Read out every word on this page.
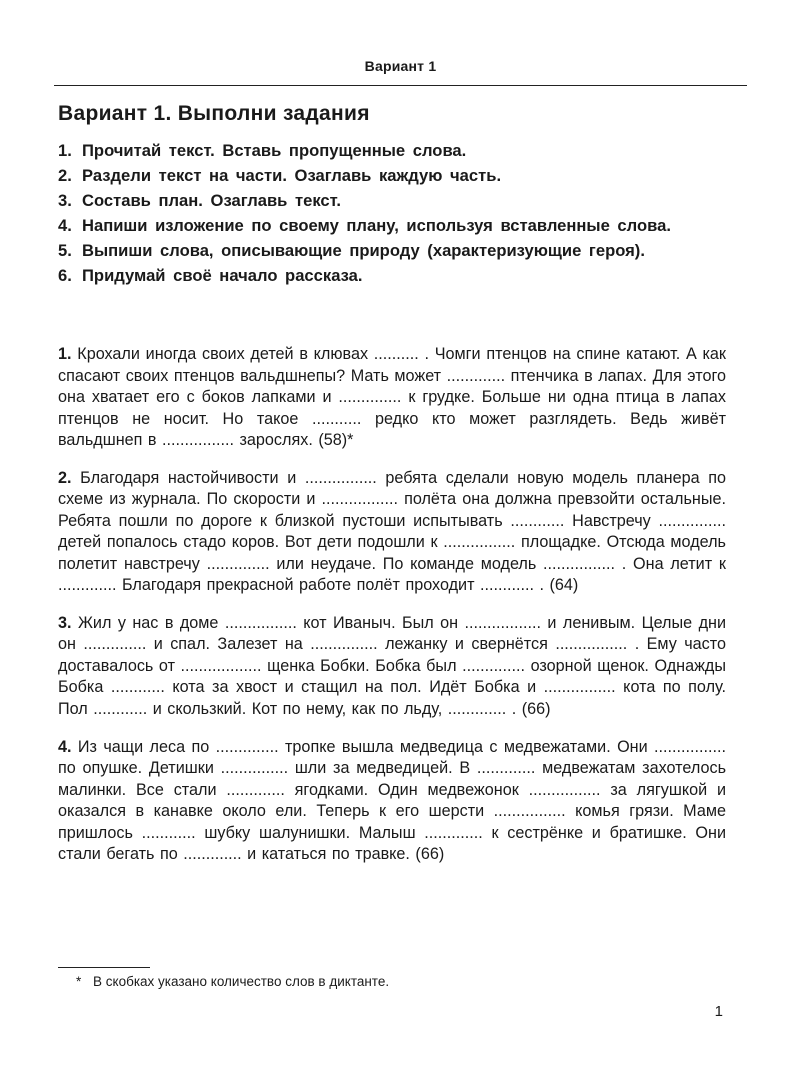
Вариант 1
Вариант 1. Выполни задания
1. Прочитай текст. Вставь пропущенные слова.
2. Раздели текст на части. Озаглавь каждую часть.
3. Составь план. Озаглавь текст.
4. Напиши изложение по своему плану, используя вставленные слова.
5. Выпиши слова, описывающие природу (характеризующие героя).
6. Придумай своё начало рассказа.

1. Крохали иногда своих детей в клювах .......... . Чомги птенцов на спине катают. А как спасают своих птенцов вальдшнепы? Мать может ............. птенчика в лапах. Для этого она хватает его с боков лапками и .............. к грудке. Больше ни одна птица в лапах птенцов не носит. Но такое ........... редко кто может разглядеть. Ведь живёт вальдшнеп в ................ зарослях. (58)*

2. Благодаря настойчивости и ................ ребята сделали новую модель планера по схеме из журнала. По скорости и ................. полёта она должна превзойти остальные. Ребята пошли по дороге к близкой пустоши испытывать ............ Навстречу ............... детей попалось стадо коров. Вот дети подошли к ................ площадке. Отсюда модель полетит навстречу .............. или неудаче. По команде модель ................ . Она летит к ............. Благодаря прекрасной работе полёт проходит ............ . (64)

3. Жил у нас в доме ................ кот Иваныч. Был он ................. и ленивым. Целые дни он .............. и спал. Залезет на ............... лежанку и свернётся ................ . Ему часто доставалось от .................. щенка Бобки. Бобка был .............. озорной щенок. Однажды Бобка ............ кота за хвост и стащил на пол. Идёт Бобка и ................ кота по полу. Пол ............ и скользкий. Кот по нему, как по льду, ............. . (66)

4. Из чащи леса по .............. тропке вышла медведица с медвежатами. Они ................ по опушке. Детишки ............... шли за медведицей. В ............. медвежатам захотелось малинки. Все стали ............. ягодками. Один медвежонок ................ за лягушкой и оказался в канавке около ели. Теперь к его шерсти ................ комья грязи. Маме пришлось ............ шубку шалунишки. Малыш ............. к сестрёнке и братишке. Они стали бегать по ............. и кататься по травке. (66)

* В скобках указано количество слов в диктанте.
1
